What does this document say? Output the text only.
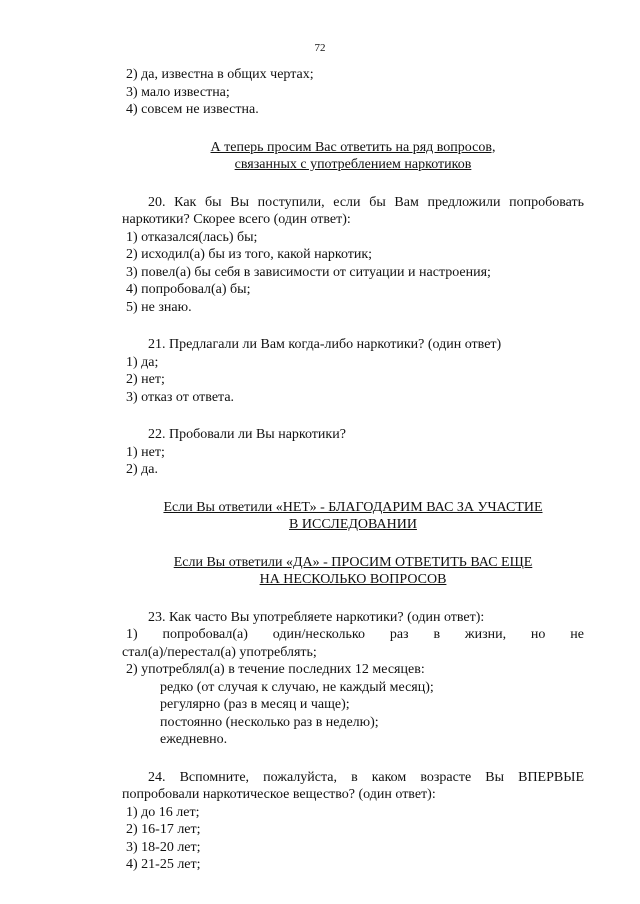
72
2) да, известна в общих чертах;
3) мало известна;
4) совсем не известна.
А теперь просим Вас ответить на ряд вопросов,
связанных с употреблением наркотиков
20. Как бы Вы поступили, если бы Вам предложили попробовать
наркотики? Скорее всего (один ответ):
1) отказался(лась) бы;
2) исходил(а) бы из того, какой наркотик;
3) повел(а) бы себя в зависимости от ситуации и настроения;
4) попробовал(а) бы;
5) не знаю.
21. Предлагали ли Вам когда-либо наркотики? (один ответ)
1) да;
2) нет;
3) отказ от ответа.
22. Пробовали ли Вы наркотики?
1) нет;
2) да.
Если Вы ответили «НЕТ» - БЛАГОДАРИМ ВАС ЗА УЧАСТИЕ
В ИССЛЕДОВАНИИ
Если Вы ответили «ДА» - ПРОСИМ ОТВЕТИТЬ ВАС ЕЩЕ
НА НЕСКОЛЬКО ВОПРОСОВ
23. Как часто Вы употребляете наркотики? (один ответ):
1) попробовал(а) один/несколько раз в жизни, но не
стал(а)/перестал(а) употреблять;
2) употреблял(а) в течение последних 12 месяцев:
редко (от случая к случаю, не каждый месяц);
регулярно (раз в месяц и чаще);
постоянно (несколько раз в неделю);
ежедневно.
24. Вспомните, пожалуйста, в каком возрасте Вы ВПЕРВЫЕ
попробовали наркотическое вещество? (один ответ):
1) до 16 лет;
2) 16-17 лет;
3) 18-20 лет;
4) 21-25 лет;
